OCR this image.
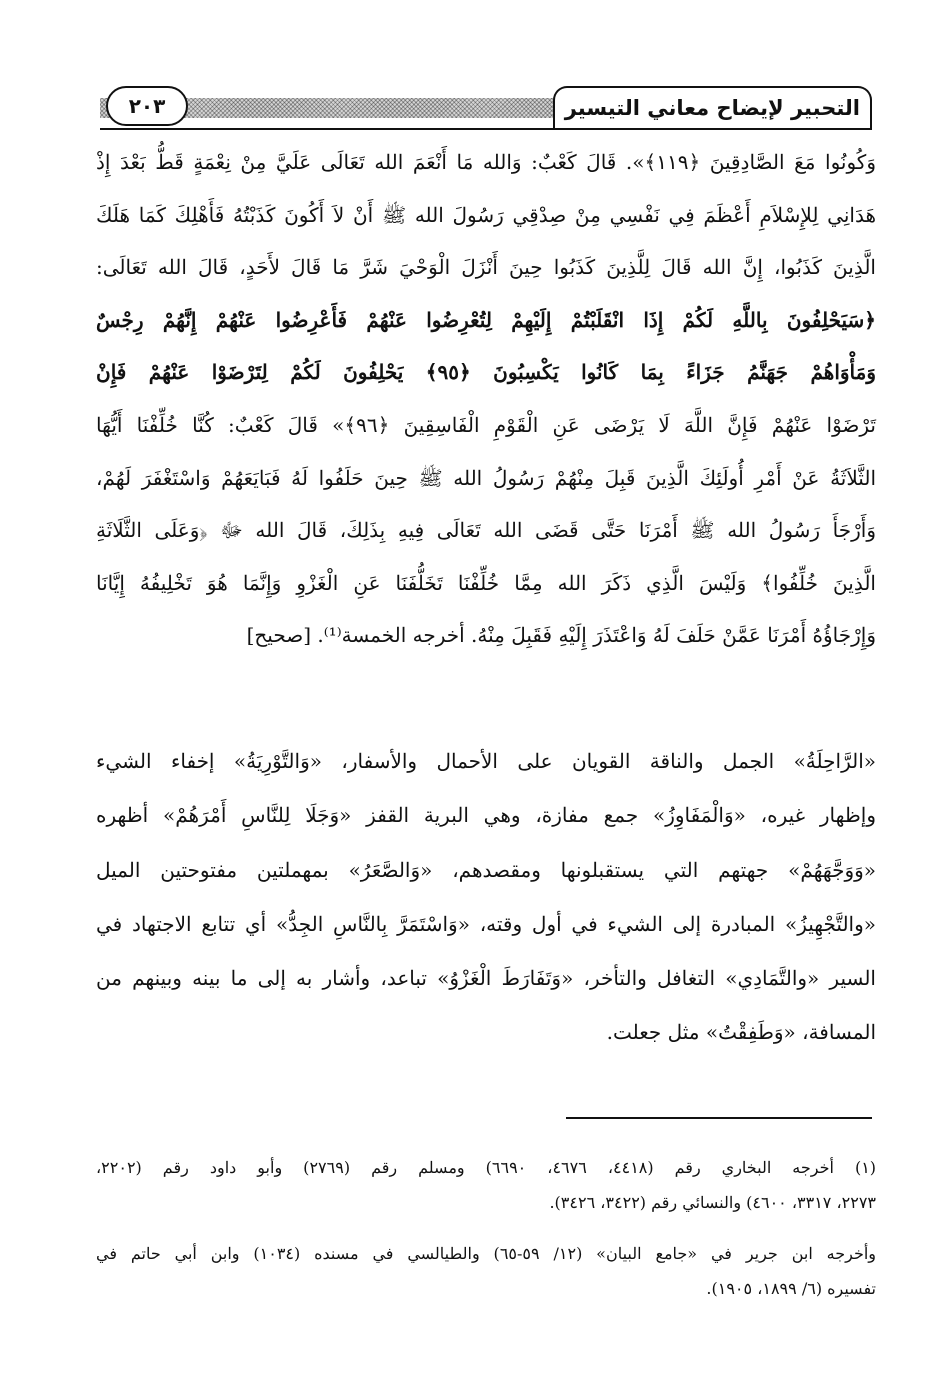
٢٠٣	التحبير لإيضاح معاني التيسير
وَكُونُوا مَعَ الصَّادِقِينَ ﴿١١٩﴾». قَالَ كَعْبٌ: وَالله مَا أَنْعَمَ الله تَعَالَى عَلَيَّ مِنْ نِعْمَةٍ قَطُّ بَعْدَ إِذْ
هَدَانِي لِلإِسْلاَمِ أَعْظَمَ فِي نَفْسِي مِنْ صِدْقِي رَسُولَ الله ﷺ أَنْ لاَ أَكُونَ كَذَبْتُهُ فَأَهْلِكَ كَمَا هَلَكَ
الَّذِينَ كَذَبُوا، إِنَّ الله قَالَ لِلَّذِينَ كَذَبُوا حِينَ أَنْزَلَ الْوَحْيَ شَرَّ مَا قَالَ لأَحَدٍ، قَالَ الله تَعَالَى:
﴿سَيَحْلِفُونَ بِاللَّهِ لَكُمْ إِذَا انْقَلَبْتُمْ إِلَيْهِمْ لِتُعْرِضُوا عَنْهُمْ فَأَعْرِضُوا عَنْهُمْ إِنَّهُمْ رِجْسٌ
وَمَأْوَاهُمْ جَهَنَّمُ جَزَاءً بِمَا كَانُوا يَكْسِبُونَ ﴿٩٥﴾ يَحْلِفُونَ لَكُمْ لِتَرْضَوْا عَنْهُمْ فَإِنْ
تَرْضَوْا عَنْهُمْ فَإِنَّ اللَّهَ لَا يَرْضَى عَنِ الْقَوْمِ الْفَاسِقِينَ ﴿٩٦﴾» قَالَ كَعْبٌ: كُنَّا خُلِّفْنَا أَيُّهَا
الثَّلاَثَةُ عَنْ أَمْرِ أُولَئِكَ الَّذِينَ قَبِلَ مِنْهُمْ رَسُولُ الله ﷺ حِينَ حَلَفُوا لَهُ فَبَايَعَهُمْ وَاسْتَغْفَرَ لَهُمْ،
وَأَرْجَأَ رَسُولُ الله ﷺ أَمْرَنَا حَتَّى قَضَى الله تَعَالَى فِيهِ بِذَلِكَ، قَالَ الله ﷻ ﴿وَعَلَى الثَّلَاثَةِ
الَّذِينَ خُلِّفُوا﴾ وَلَيْسَ الَّذِي ذَكَرَ الله مِمَّا خُلِّفْنَا تَخَلُّفَنَا عَنِ الْغَزْوِ وَإِنَّمَا هُوَ تَخْلِيفُهُ إِيَّانَا
وَإِرْجَاؤُهُ أَمْرَنَا عَمَّنْ حَلَفَ لَهُ وَاعْتَذَرَ إِلَيْهِ فَقَبِلَ مِنْهُ. أخرجه الخمسة⁽¹⁾. [صحيح]
«الرَّاحِلَةُ» الجمل والناقة القويان على الأحمال والأسفار، «وَالتَّوْرِيَةُ» إخفاء الشيء
وإظهار غيره، «وَالْمَفَاوِزُ» جمع مفازة، وهي البرية القفز «وَجَلَا لِلنَّاسِ أَمْرَهُمْ» أظهره
«وَوَجَّهَهُمْ» جهتهم التي يستقبلونها ومقصدهم، «وَالصَّعَرُ» بمهملتين مفتوحتين الميل
«والتَّجْهِيزُ» المبادرة إلى الشيء في أول وقته، «وَاسْتَمَرَّ بِالنَّاسِ الجِدُّ» أي تتابع الاجتهاد في
السير «والتَّمَادِي» التغافل والتأخر، «وَتَفَارَطَ الْغَزْوُ» تباعد، وأشار به إلى ما بينه وبينهم من
المسافة، «وَطَفِقْتُ» مثل جعلت.
(١) أخرجه البخاري رقم (٤٤١٨، ٤٦٧٦، ٦٦٩٠) ومسلم رقم (٢٧٦٩) وأبو داود رقم (٢٢٠٢،
٢٢٧٣، ٣٣١٧، ٤٦٠٠) والنسائي رقم (٣٤٢٢، ٣٤٢٦).
وأخرجه ابن جرير في «جامع البيان» (١٢/ ٥٩-٦٥) والطيالسي في مسنده (١٠٣٤) وابن أبي حاتم في
تفسيره (٦/ ١٨٩٩، ١٩٠٥).
